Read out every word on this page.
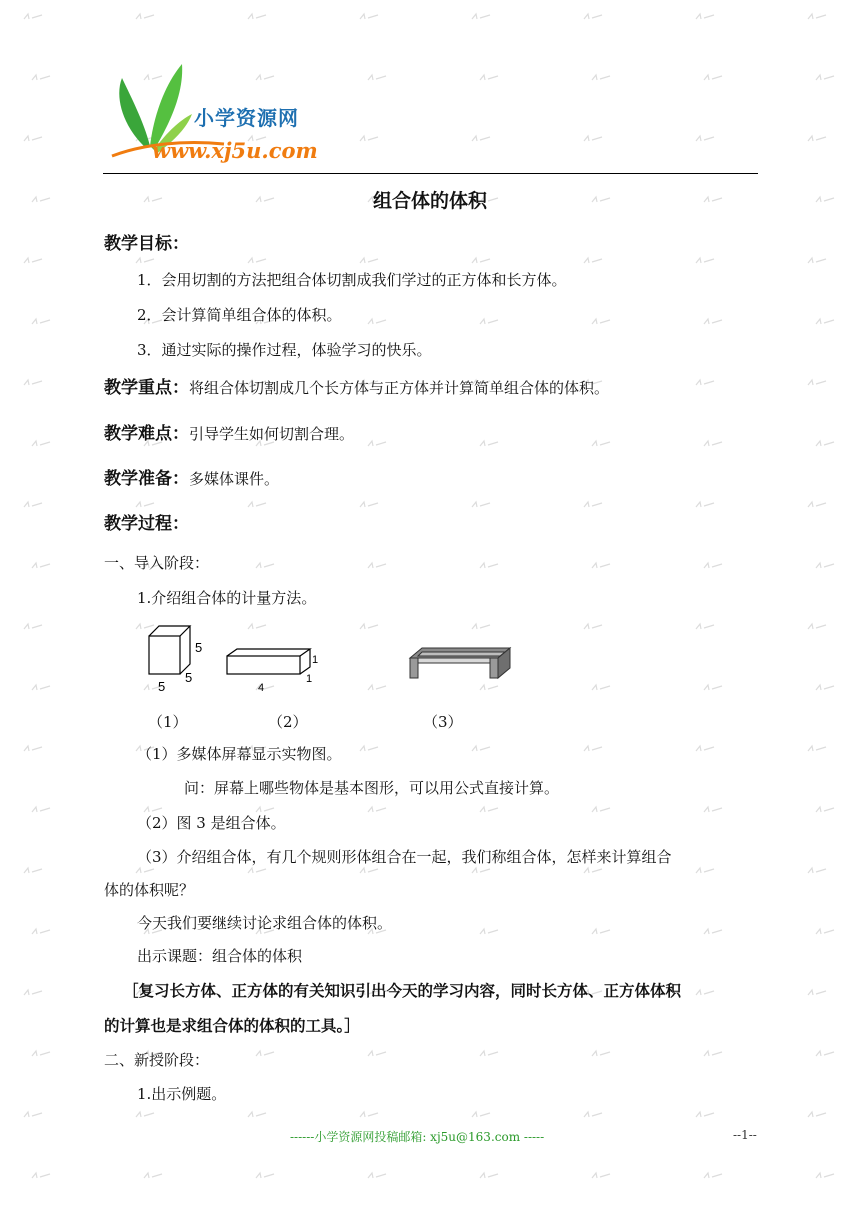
小学资源网
www.xj5u.com
组合体的体积
教学目标：
1．会用切割的方法把组合体切割成我们学过的正方体和长方体。
2．会计算简单组合体的体积。
3．通过实际的操作过程，体验学习的快乐。
教学重点：将组合体切割成几个长方体与正方体并计算简单组合体的体积。
教学难点：引导学生如何切割合理。
教学准备：多媒体课件。
教学过程：
一、导入阶段：
1.介绍组合体的计量方法。
5
5
5
1
4
1
（1）	（2）	（3）
（1）多媒体屏幕显示实物图。
问：屏幕上哪些物体是基本图形，可以用公式直接计算。
（2）图 3 是组合体。
（3）介绍组合体，有几个规则形体组合在一起，我们称组合体，怎样来计算组合
体的体积呢？
今天我们要继续讨论求组合体的体积。
出示课题：组合体的体积
［复习长方体、正方体的有关知识引出今天的学习内容，同时长方体、正方体体积
的计算也是求组合体的体积的工具。］
二、新授阶段：
1.出示例题。
------小学资源网投稿邮箱: xj5u@163.com -----	--1--
